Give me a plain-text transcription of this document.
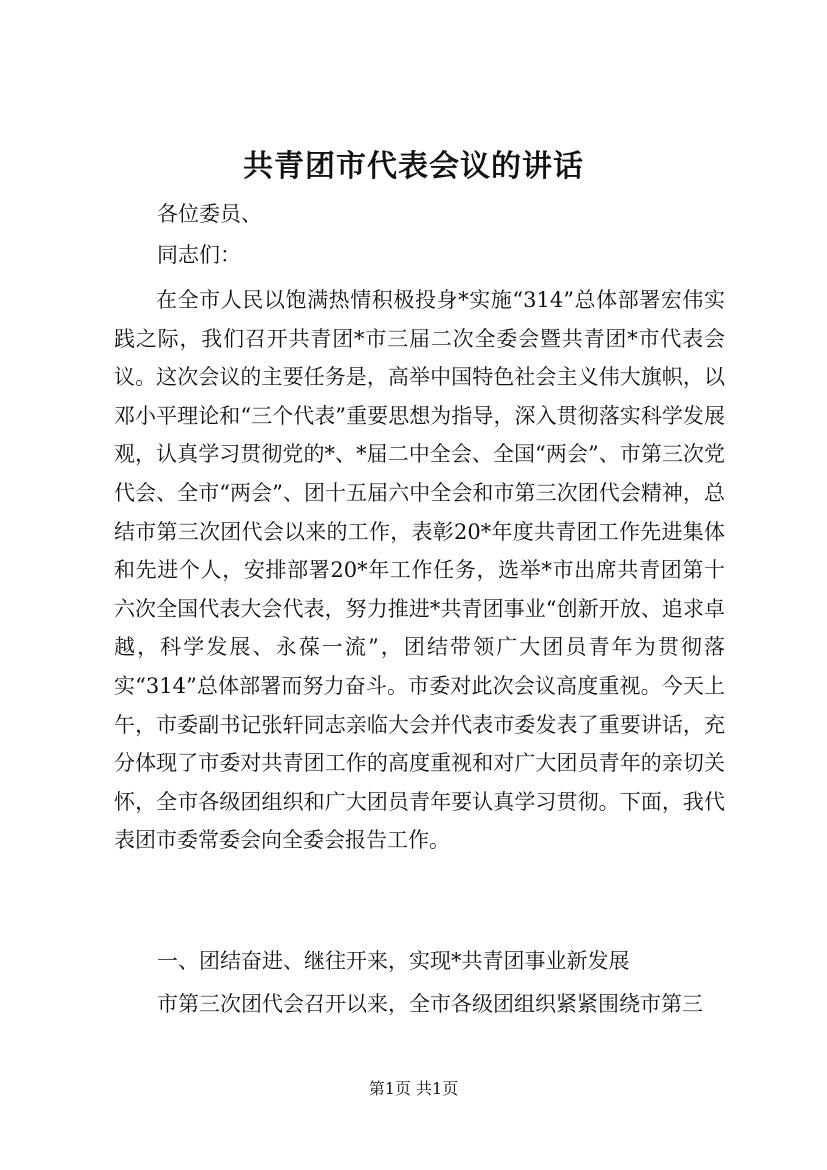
共青团市代表会议的讲话
各位委员、
同志们：

在全市人民以饱满热情积极投身*实施“314”总体部署宏伟实践之际，我们召开共青团*市三届二次全委会暨共青团*市代表会议。这次会议的主要任务是，高举中国特色社会主义伟大旗帜，以邓小平理论和“三个代表”重要思想为指导，深入贯彻落实科学发展观，认真学习贯彻党的*、*届二中全会、全国“两会”、市第三次党代会、全市“两会”、团十五届六中全会和市第三次团代会精神，总结市第三次团代会以来的工作，表彰20*年度共青团工作先进集体和先进个人，安排部署20*年工作任务，选举*市出席共青团第十六次全国代表大会代表，努力推进*共青团事业“创新开放、追求卓越，科学发展、永葆一流”，团结带领广大团员青年为贯彻落实“314”总体部署而努力奋斗。市委对此次会议高度重视。今天上午，市委副书记张轩同志亲临大会并代表市委发表了重要讲话，充分体现了市委对共青团工作的高度重视和对广大团员青年的亲切关怀，全市各级团组织和广大团员青年要认真学习贯彻。下面，我代表团市委常委会向全委会报告工作。

一、团结奋进、继往开来，实现*共青团事业新发展
市第三次团代会召开以来，全市各级团组织紧紧围绕市第三
第1页 共1页
